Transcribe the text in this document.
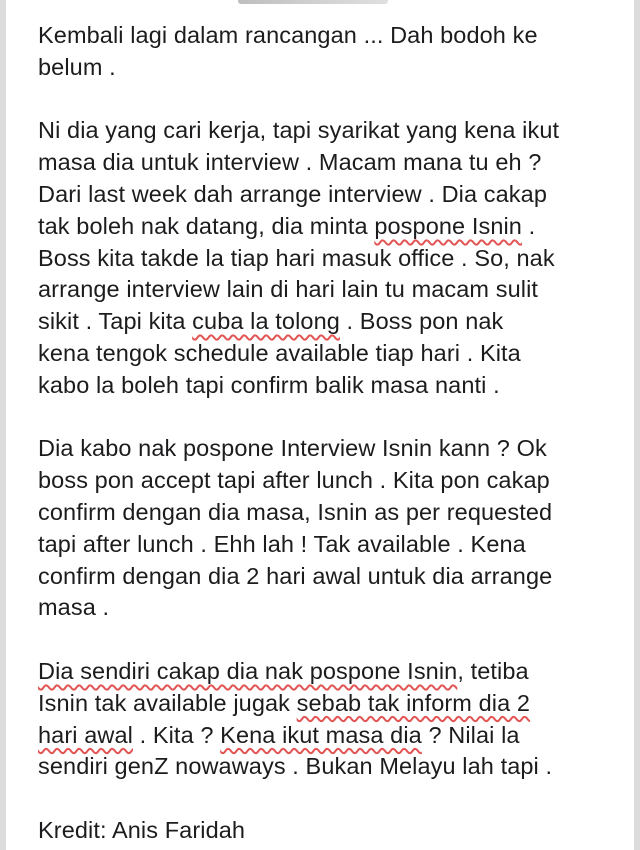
Kembali lagi dalam rancangan ... Dah bodoh ke
belum .
Ni dia yang cari kerja, tapi syarikat yang kena ikut
masa dia untuk interview . Macam mana tu eh ?
Dari last week dah arrange interview . Dia cakap
tak boleh nak datang, dia minta pospone Isnin .
Boss kita takde la tiap hari masuk office . So, nak
arrange interview lain di hari lain tu macam sulit
sikit . Tapi kita cuba la tolong . Boss pon nak
kena tengok schedule available tiap hari . Kita
kabo la boleh tapi confirm balik masa nanti .
Dia kabo nak pospone Interview Isnin kann ? Ok
boss pon accept tapi after lunch . Kita pon cakap
confirm dengan dia masa, Isnin as per requested
tapi after lunch . Ehh lah ! Tak available . Kena
confirm dengan dia 2 hari awal untuk dia arrange
masa .
Dia sendiri cakap dia nak pospone Isnin, tetiba
Isnin tak available jugak sebab tak inform dia 2
hari awal . Kita ? Kena ikut masa dia ? Nilai la
sendiri genZ nowaways . Bukan Melayu lah tapi .

Kredit: Anis Faridah
